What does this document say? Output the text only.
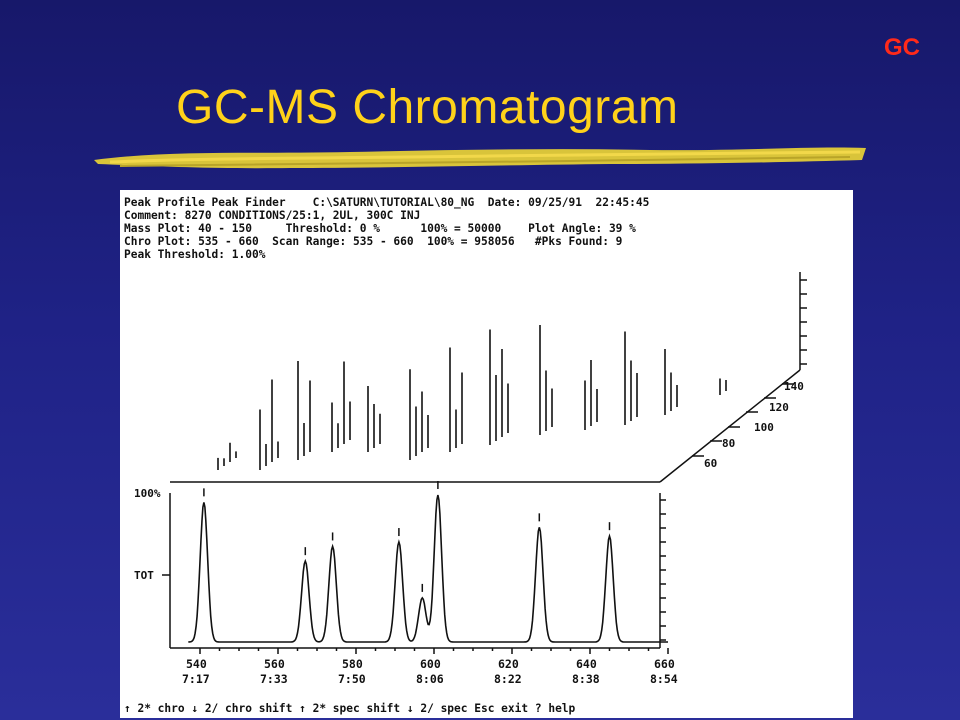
GC
GC-MS Chromatogram
Peak Profile Peak Finder    C:\SATURN\TUTORIAL\80_NG  Date: 09/25/91  22:45:45
Comment: 8270 CONDITIONS/25:1, 2UL, 300C INJ
Mass Plot: 40 - 150     Threshold: 0 %      100% = 50000    Plot Angle: 39 %
Chro Plot: 535 - 660  Scan Range: 535 - 660  100% = 958056   #Pks Found: 9
Peak Threshold: 1.00%
140
120
100
80
60
100%
TOT
540	560	580	600	620	640	660
7:17	7:33	7:50	8:06	8:22	8:38	8:54
↑ 2* chro ↓ 2/ chro shift ↑ 2* spec shift ↓ 2/ spec Esc exit ? help
